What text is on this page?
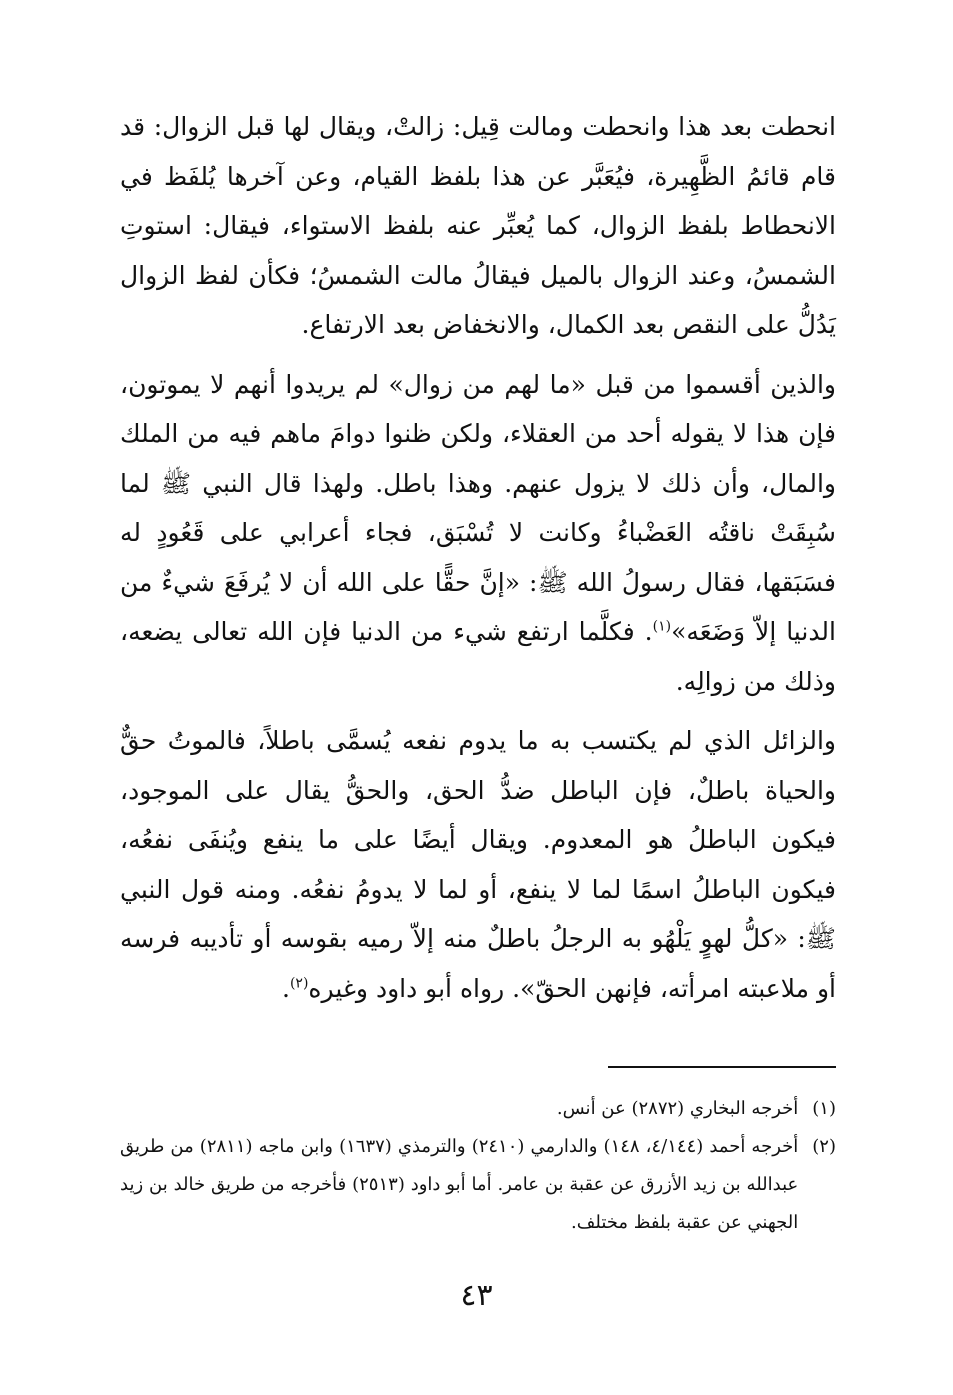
انحطت بعد هذا وانحطت ومالت قِيل: زالتْ، ويقال لها قبل الزوال: قد قام قائمُ الظَّهِيرة، فيُعَبَّر عن هذا بلفظ القيام، وعن آخرها يُلفَظ في الانحطاط بلفظ الزوال، كما يُعبِّر عنه بلفظ الاستواء، فيقال: استوتِ الشمسُ، وعند الزوال بالميل فيقالُ مالت الشمسُ؛ فكأن لفظ الزوال يَدُلُّ على النقص بعد الكمال، والانخفاض بعد الارتفاع.

والذين أقسموا من قبل «ما لهم من زوال» لم يريدوا أنهم لا يموتون، فإن هذا لا يقوله أحد من العقلاء، ولكن ظنوا دوامَ ماهم فيه من الملك والمال، وأن ذلك لا يزول عنهم. وهذا باطل. ولهذا قال النبي ﷺ لما سُبِقَتْ ناقتُه العَضْباءُ وكانت لا تُسْبَق، فجاء أعرابي على قَعُودٍ له فسَبَقها، فقال رسولُ الله ﷺ: «إنَّ حقًّا على الله أن لا يُرفَعَ شيءٌ من الدنيا إلاّ وَضَعَه»$^{(١)}$. فكلَّما ارتفع شيء من الدنيا فإن الله تعالى يضعه، وذلك من زوالِه.

والزائل الذي لم يكتسب به ما يدوم نفعه يُسمَّى باطلاً، فالموتُ حقٌّ والحياة باطلٌ، فإن الباطل ضدُّ الحق، والحقُّ يقال على الموجود، فيكون الباطلُ هو المعدوم. ويقال أيضًا على ما ينفع ويُنفَى نفعُه، فيكون الباطلُ اسمًا لما لا ينفع، أو لما لا يدومُ نفعُه. ومنه قول النبي ﷺ: «كلُّ لهوٍ يَلْهُو به الرجلُ باطلٌ منه إلاّ رميه بقوسه أو تأديبه فرسه أو ملاعبته امرأته، فإنهن الحقّ». رواه أبو داود وغيره$^{(٢)}$.

(١)
أخرجه البخاري (٢٨٧٢) عن أنس.
(٢)
أخرجه أحمد (٤/١٤٤، ١٤٨) والدارمي (٢٤١٠) والترمذي (١٦٣٧) وابن ماجه (٢٨١١) من طريق عبدالله بن زيد الأزرق عن عقبة بن عامر. أما أبو داود (٢٥١٣) فأخرجه من طريق خالد بن زيد الجهني عن عقبة بلفظ مختلف.
٤٣
